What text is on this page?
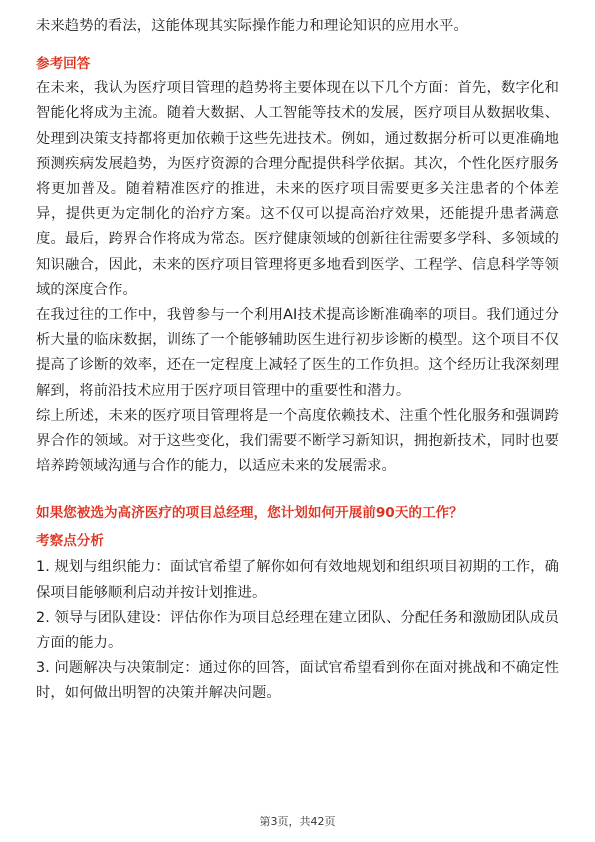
未来趋势的看法，这能体现其实际操作能力和理论知识的应用水平。

参考回答

在未来，我认为医疗项目管理的趋势将主要体现在以下几个方面：首先，数字化和智能化将成为主流。随着大数据、人工智能等技术的发展，医疗项目从数据收集、处理到决策支持都将更加依赖于这些先进技术。例如，通过数据分析可以更准确地预测疾病发展趋势，为医疗资源的合理分配提供科学依据。其次，个性化医疗服务将更加普及。随着精准医疗的推进，未来的医疗项目需要更多关注患者的个体差异，提供更为定制化的治疗方案。这不仅可以提高治疗效果，还能提升患者满意度。最后，跨界合作将成为常态。医疗健康领域的创新往往需要多学科、多领域的知识融合，因此，未来的医疗项目管理将更多地看到医学、工程学、信息科学等领域的深度合作。

在我过往的工作中，我曾参与一个利用AI技术提高诊断准确率的项目。我们通过分析大量的临床数据，训练了一个能够辅助医生进行初步诊断的模型。这个项目不仅提高了诊断的效率，还在一定程度上减轻了医生的工作负担。这个经历让我深刻理解到，将前沿技术应用于医疗项目管理中的重要性和潜力。

综上所述，未来的医疗项目管理将是一个高度依赖技术、注重个性化服务和强调跨界合作的领域。对于这些变化，我们需要不断学习新知识，拥抱新技术，同时也要培养跨领域沟通与合作的能力，以适应未来的发展需求。

如果您被选为高济医疗的项目总经理，您计划如何开展前90天的工作？
考察点分析

1. 规划与组织能力：面试官希望了解你如何有效地规划和组织项目初期的工作，确保项目能够顺利启动并按计划推进。

2. 领导与团队建设：评估你作为项目总经理在建立团队、分配任务和激励团队成员方面的能力。

3. 问题解决与决策制定：通过你的回答，面试官希望看到你在面对挑战和不确定性时，如何做出明智的决策并解决问题。

第3页，共42页
